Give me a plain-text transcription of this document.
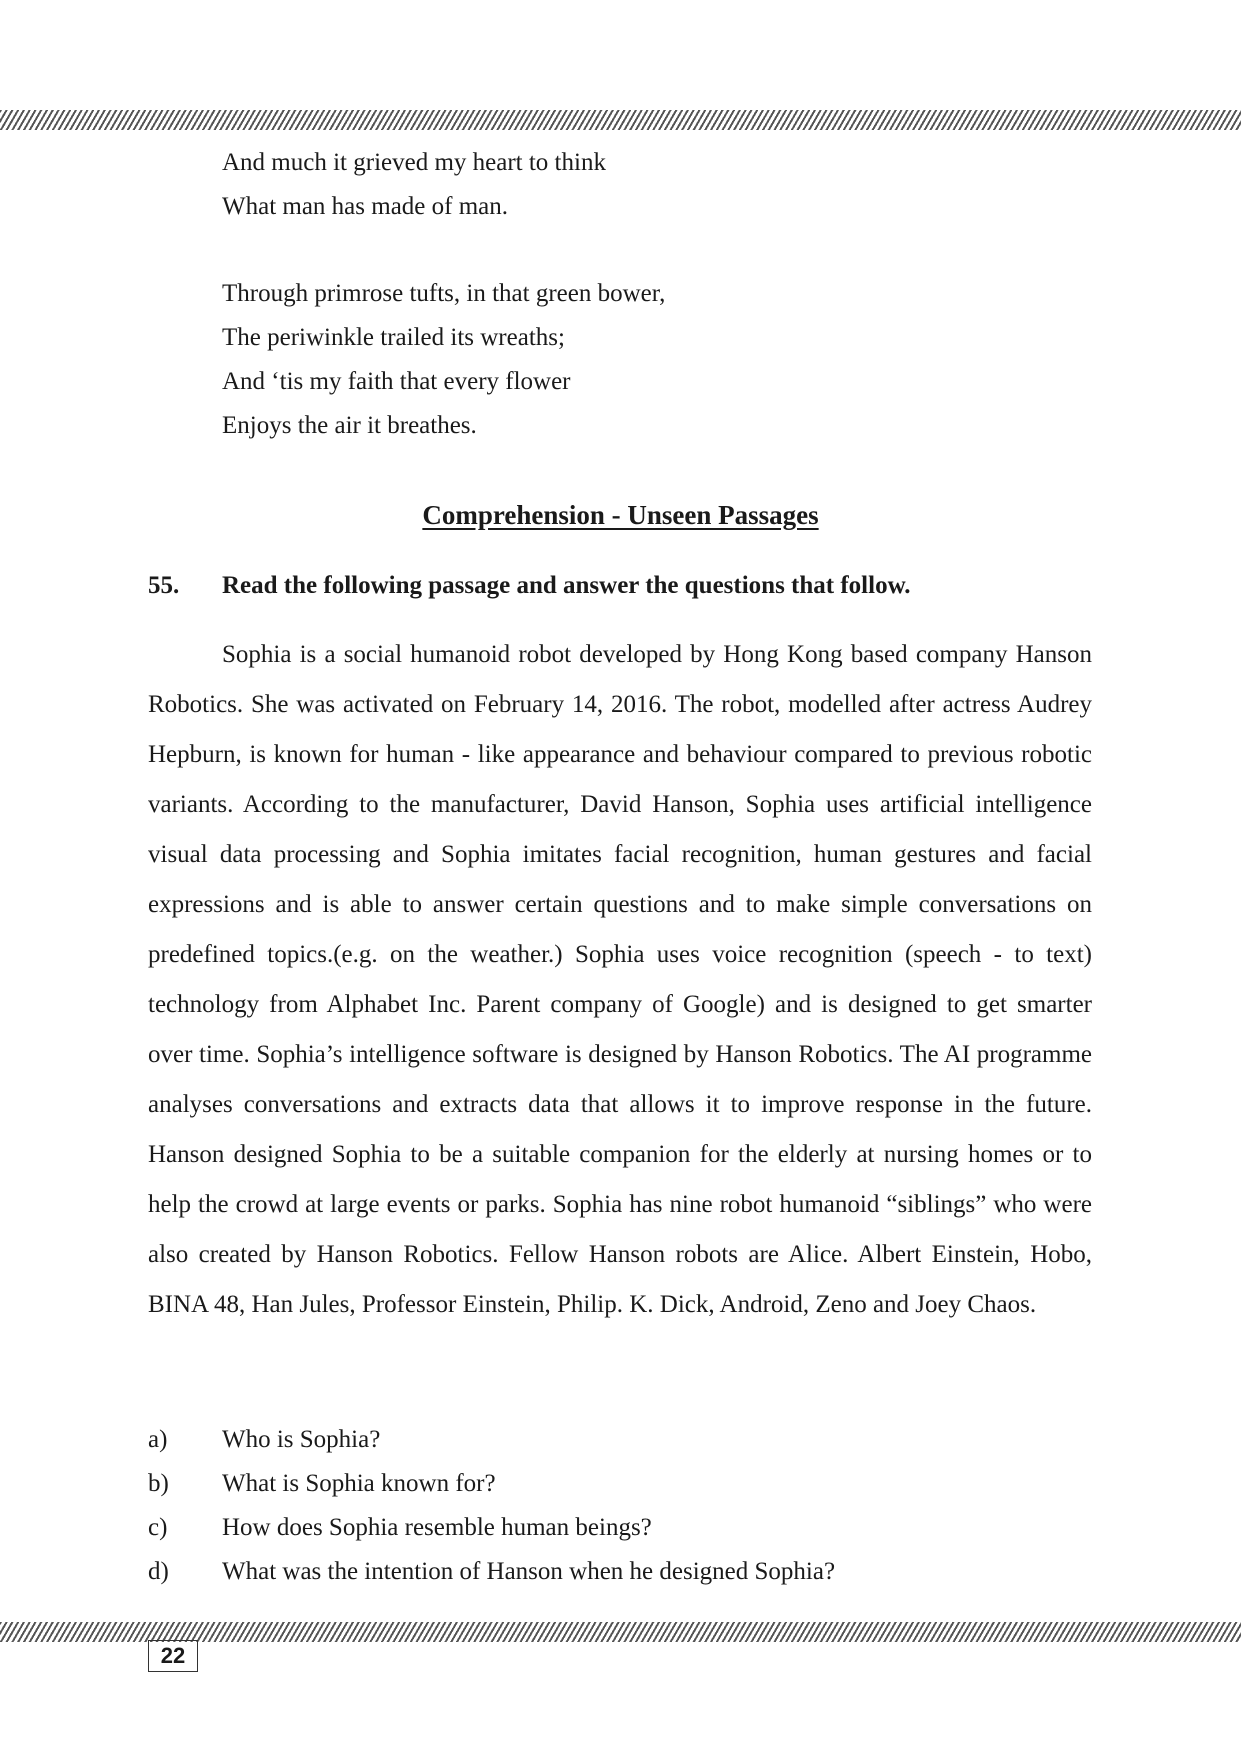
And much it grieved my heart to think
What man has made of man.
Through primrose tufts, in that green bower,
The periwinkle trailed its wreaths;
And ‘tis my faith that every flower
Enjoys the air it breathes.
Comprehension - Unseen Passages
55. Read the following passage and answer the questions that follow.

Sophia is a social humanoid robot developed by Hong Kong based company Hanson Robotics. She was activated on February 14, 2016. The robot, modelled after actress Audrey Hepburn, is known for human - like appearance and behaviour compared to previous robotic variants. According to the manufacturer, David Hanson, Sophia uses artificial intelligence visual data processing and Sophia imitates facial recognition, human gestures and facial expressions and is able to answer certain questions and to make simple conversations on predefined topics.(e.g. on the weather.) Sophia uses voice recognition (speech - to text) technology from Alphabet Inc. Parent company of Google) and is designed to get smarter over time. Sophia’s intelligence software is designed by Hanson Robotics. The AI programme analyses conversations and extracts data that allows it to improve response in the future. Hanson designed Sophia to be a suitable companion for the elderly at nursing homes or to help the crowd at large events or parks. Sophia has nine robot humanoid “siblings” who were also created by Hanson Robotics. Fellow Hanson robots are Alice. Albert Einstein, Hobo, BINA 48, Han Jules, Professor Einstein, Philip. K. Dick, Android, Zeno and Joey Chaos.

a) Who is Sophia?
b) What is Sophia known for?
c) How does Sophia resemble human beings?
d) What was the intention of Hanson when he designed Sophia?
22
